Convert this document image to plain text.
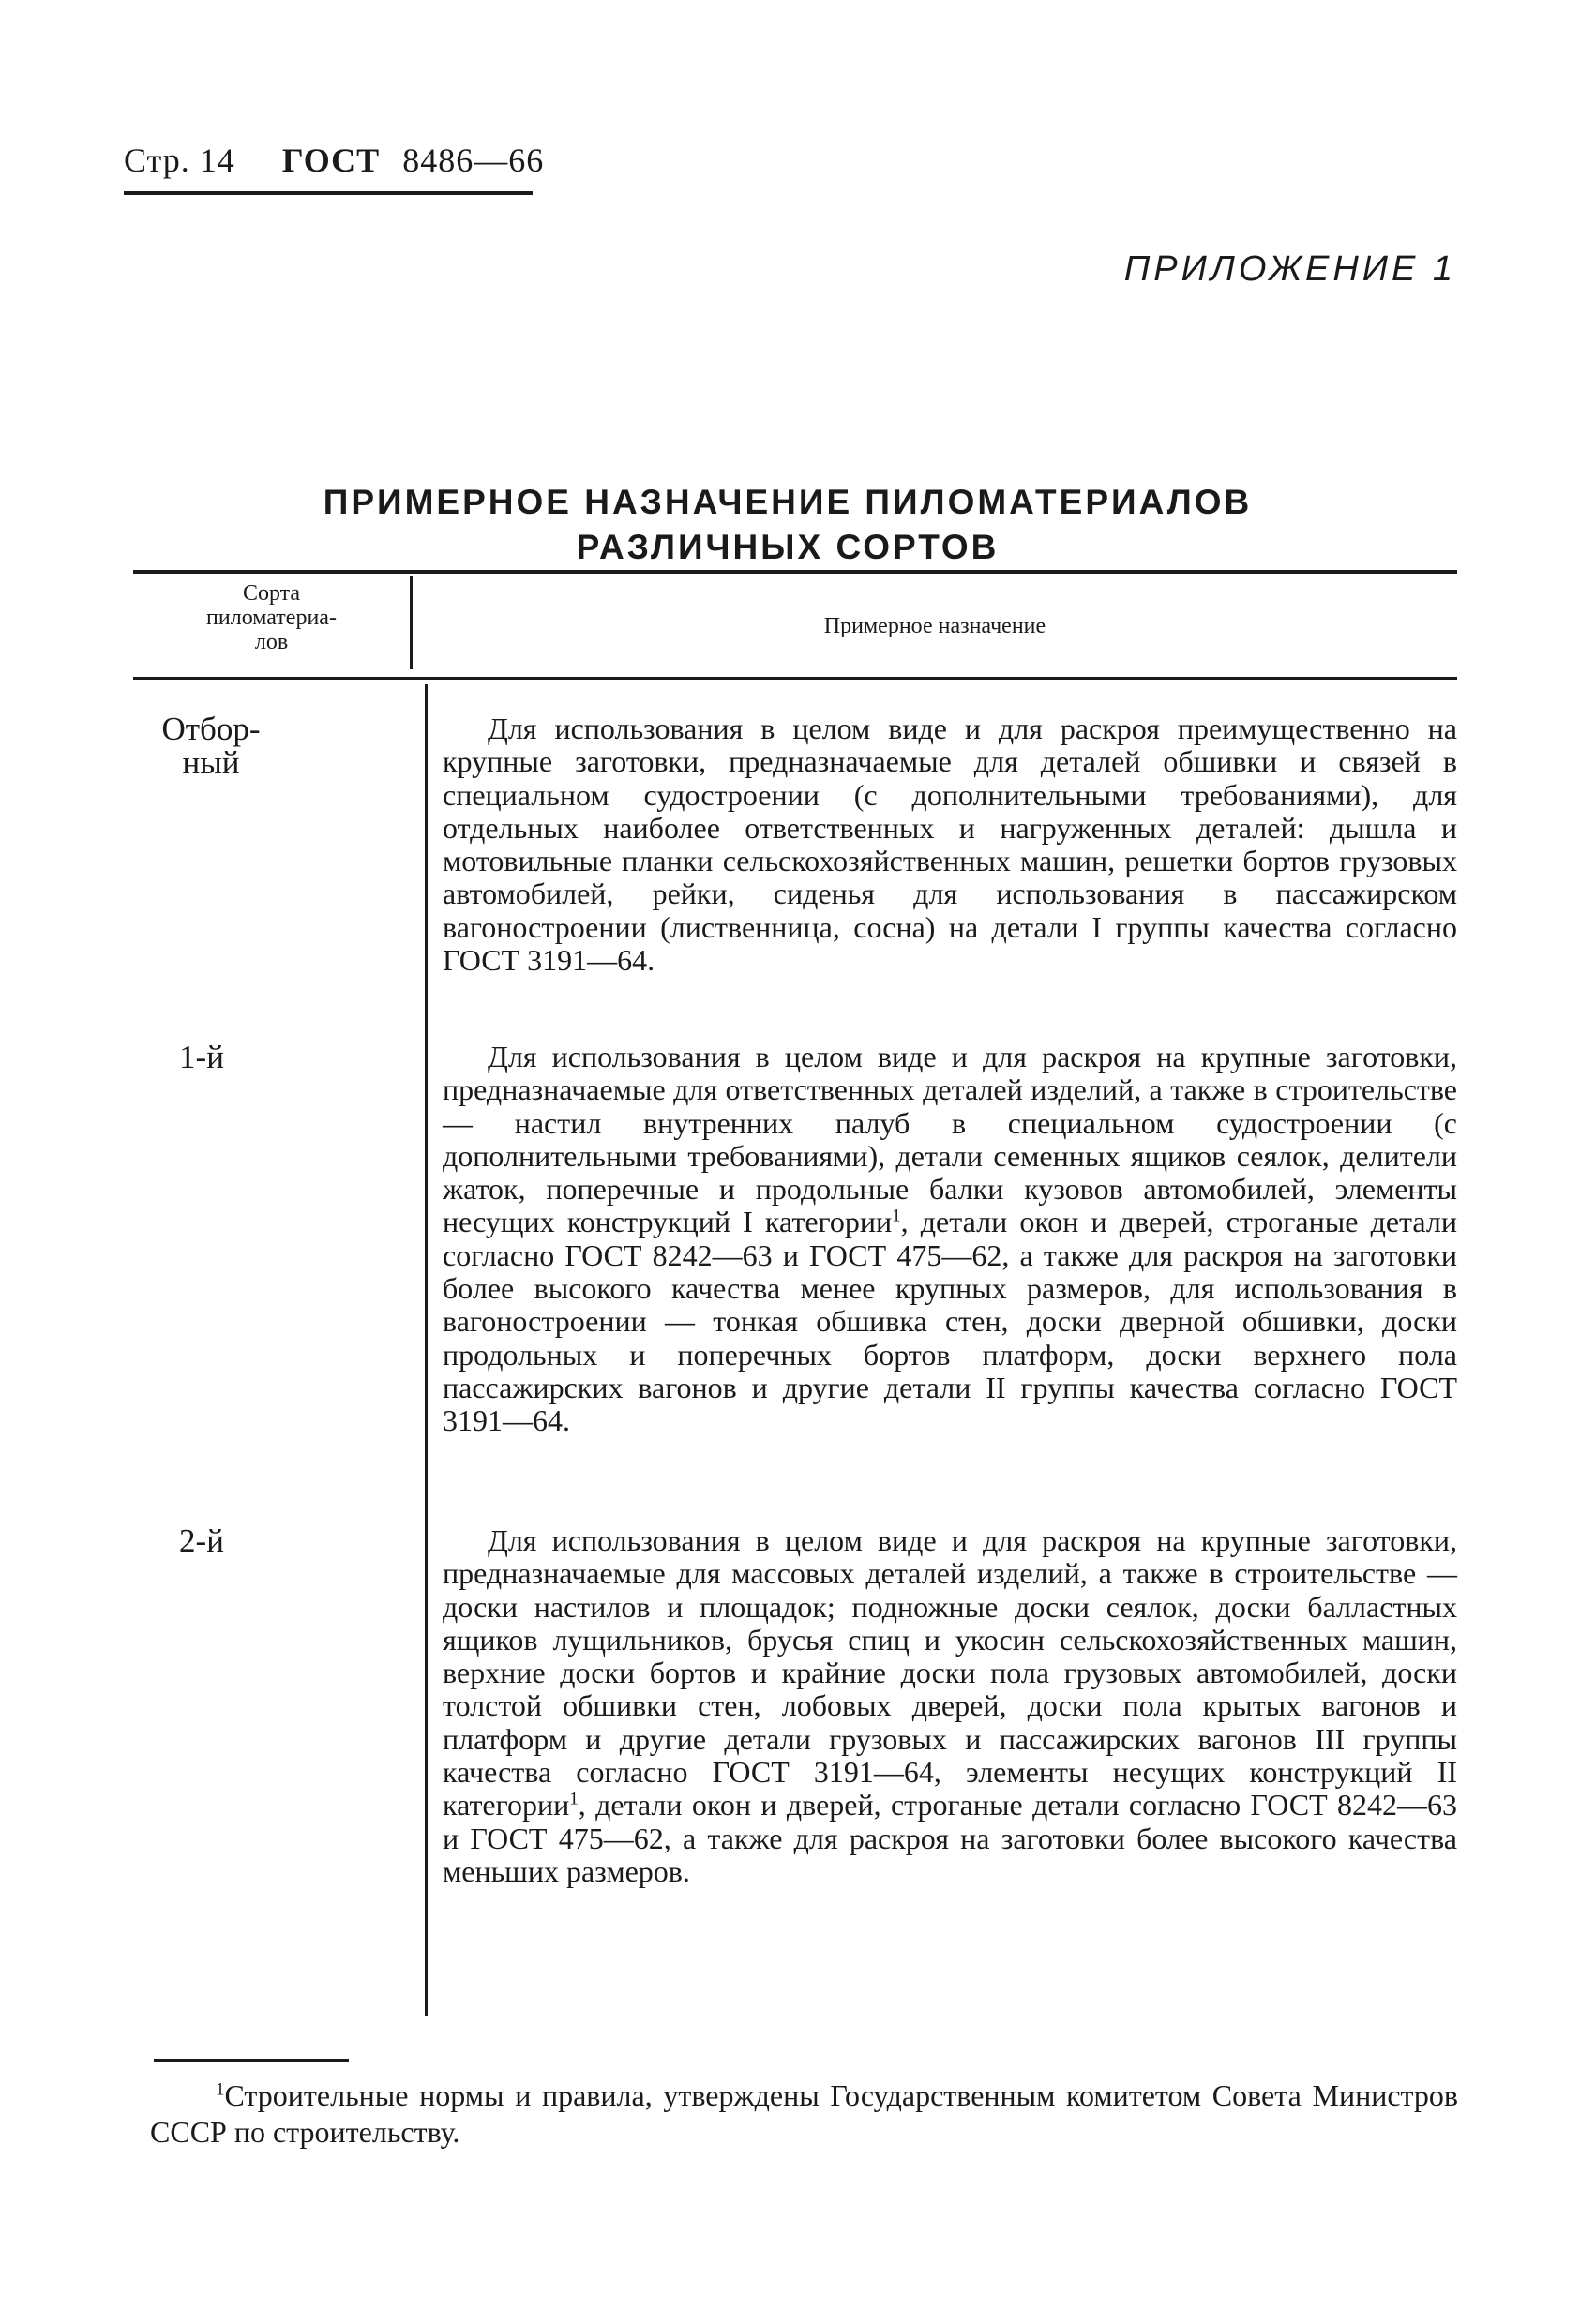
Стр. 14 ГОСТ 8486—66
ПРИЛОЖЕНИЕ 1
ПРИМЕРНОЕ НАЗНАЧЕНИЕ ПИЛОМАТЕРИАЛОВ
РАЗЛИЧНЫХ СОРТОВ
Сорта
пиломатериа-
лов
Примерное назначение
Отбор-
ный
Для использования в целом виде и для раскроя преимущественно на крупные заготовки, предназначаемые для деталей обшивки и связей в специальном судостроении (с дополнительными требованиями), для отдельных наиболее ответственных и нагруженных деталей: дышла и мотовильные планки сельскохозяйственных машин, решетки бортов грузовых автомобилей, рейки, сиденья для использования в пассажирском вагоностроении (лиственница, сосна) на детали I группы качества согласно ГОСТ 3191—64.
1-й	Для использования в целом виде и для раскроя на крупные заготовки, предназначаемые для ответственных деталей изделий, а также в строительстве — настил внутренних палуб в специальном судостроении (с дополнительными требованиями), детали семенных ящиков сеялок, делители жаток, поперечные и продольные балки кузовов автомобилей, элементы несущих конструкций I категории$^1$, детали окон и дверей, строганые детали согласно ГОСТ 8242—63 и ГОСТ 475—62, а также для раскроя на заготовки более высокого качества менее крупных размеров, для использования в вагоностроении — тонкая обшивка стен, доски дверной обшивки, доски продольных и поперечных бортов платформ, доски верхнего пола пассажирских вагонов и другие детали II группы качества согласно ГОСТ 3191—64.
2-й	Для использования в целом виде и для раскроя на крупные заготовки, предназначаемые для массовых деталей изделий, а также в строительстве — доски настилов и площадок; подножные доски сеялок, доски балластных ящиков лущильников, брусья спиц и укосин сельскохозяйственных машин, верхние доски бортов и крайние доски пола грузовых автомобилей, доски толстой обшивки стен, лобовых дверей, доски пола крытых вагонов и платформ и другие детали грузовых и пассажирских вагонов III группы качества согласно ГОСТ 3191—64, элементы несущих конструкций II категории$^1$, детали окон и дверей, строганые детали согласно ГОСТ 8242—63 и ГОСТ 475—62, а также для раскроя на заготовки более высокого качества меньших размеров.
$^1$Строительные нормы и правила, утверждены Государственным комитетом Совета Министров СССР по строительству.
